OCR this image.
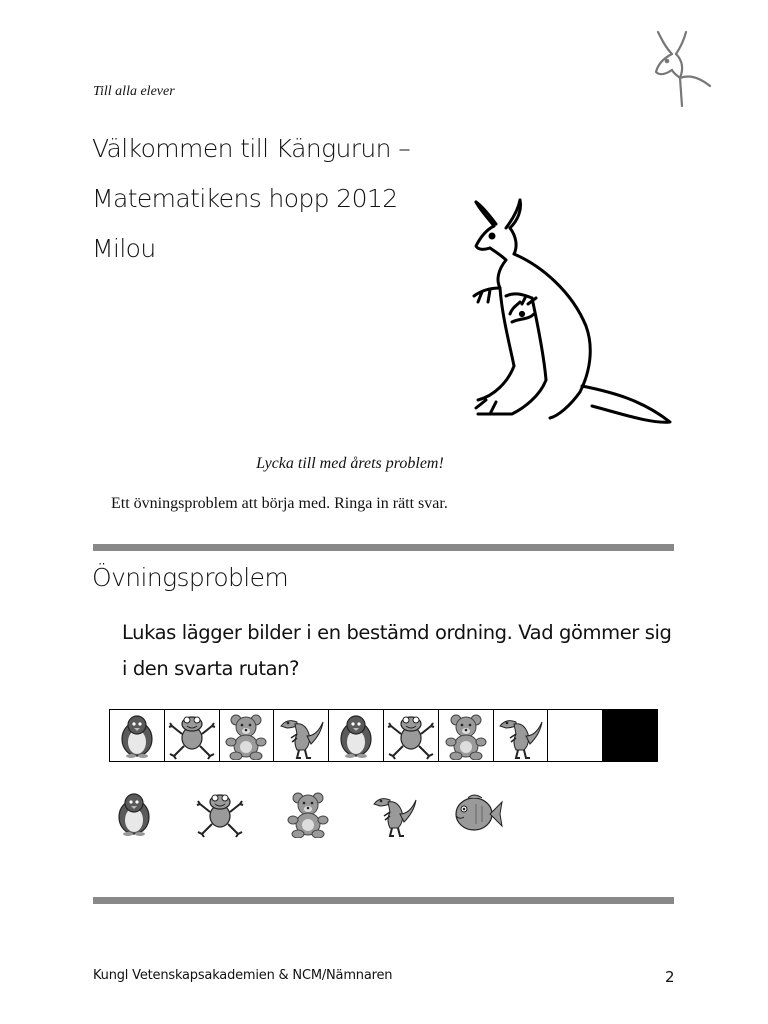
Till alla elever
Välkommen till Kängurun –
Matematikens hopp 2012
Milou
Lycka till med årets problem!
Ett övningsproblem att börja med. Ringa in rätt svar.
Övningsproblem
Lukas lägger bilder i en bestämd ordning. Vad gömmer sig
i den svarta rutan?
Kungl Vetenskapsakademien & NCM/Nämnaren	2
